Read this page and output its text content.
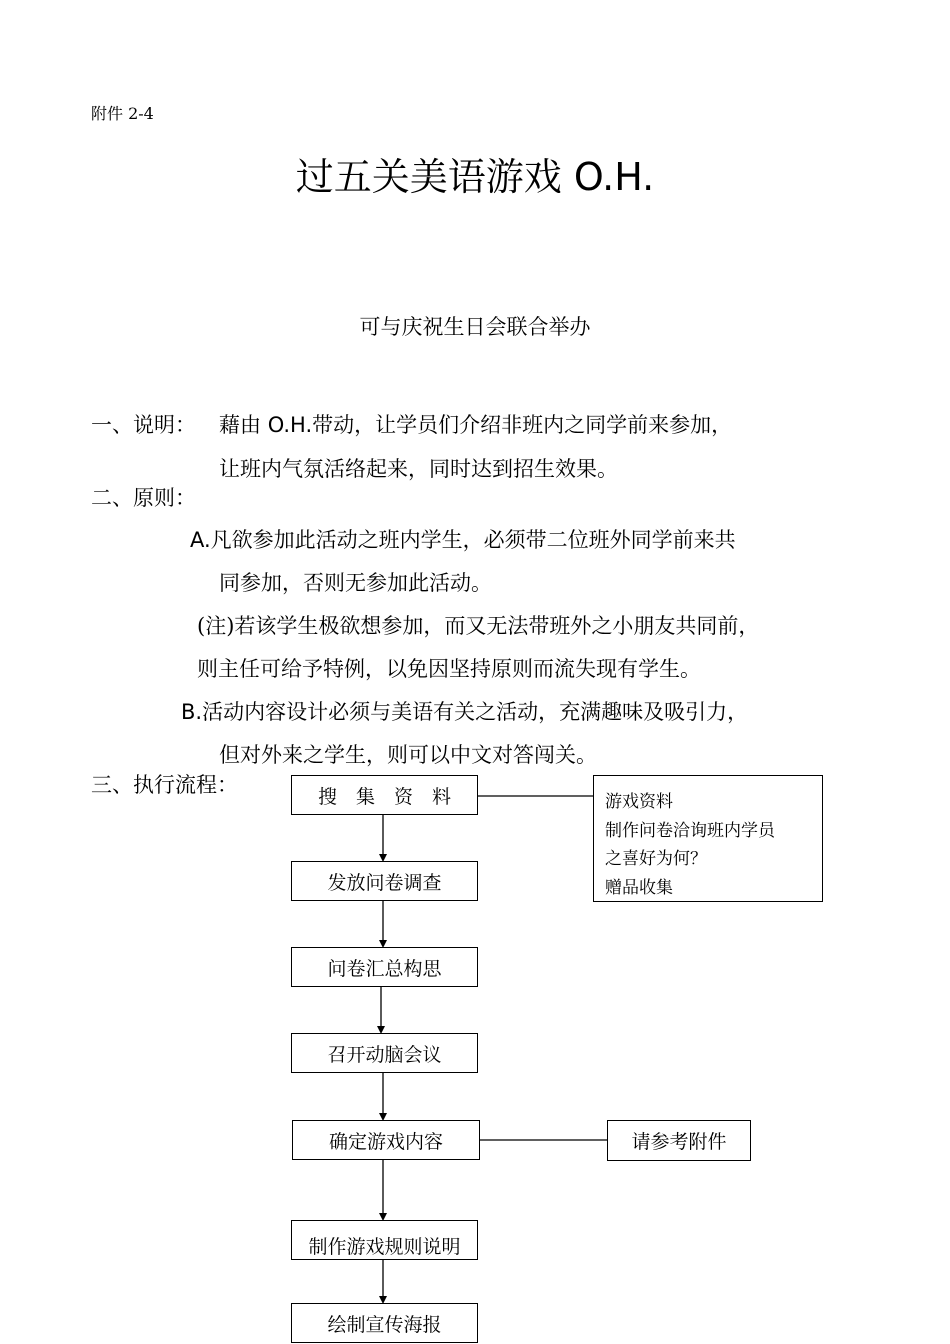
附件 2-4
过五关美语游戏 O.H.
可与庆祝生日会联合举办
一、说明： 藉由 O.H.带动，让学员们介绍非班内之同学前来参加，
让班内气氛活络起来，同时达到招生效果。
二、原则：
A.凡欲参加此活动之班内学生，必须带二位班外同学前来共
同参加，否则无参加此活动。
(注)若该学生极欲想参加，而又无法带班外之小朋友共同前，
则主任可给予特例，以免因坚持原则而流失现有学生。
B.活动内容设计必须与美语有关之活动，充满趣味及吸引力，
但对外来之学生，则可以中文对答闯关。
三、执行流程：	搜　集　资　料
发放问卷调查
问卷汇总构思
召开动脑会议
确定游戏内容
制作游戏规则说明
绘制宣传海报
游戏资料
制作问卷洽询班内学员
之喜好为何？
赠品收集
请参考附件
